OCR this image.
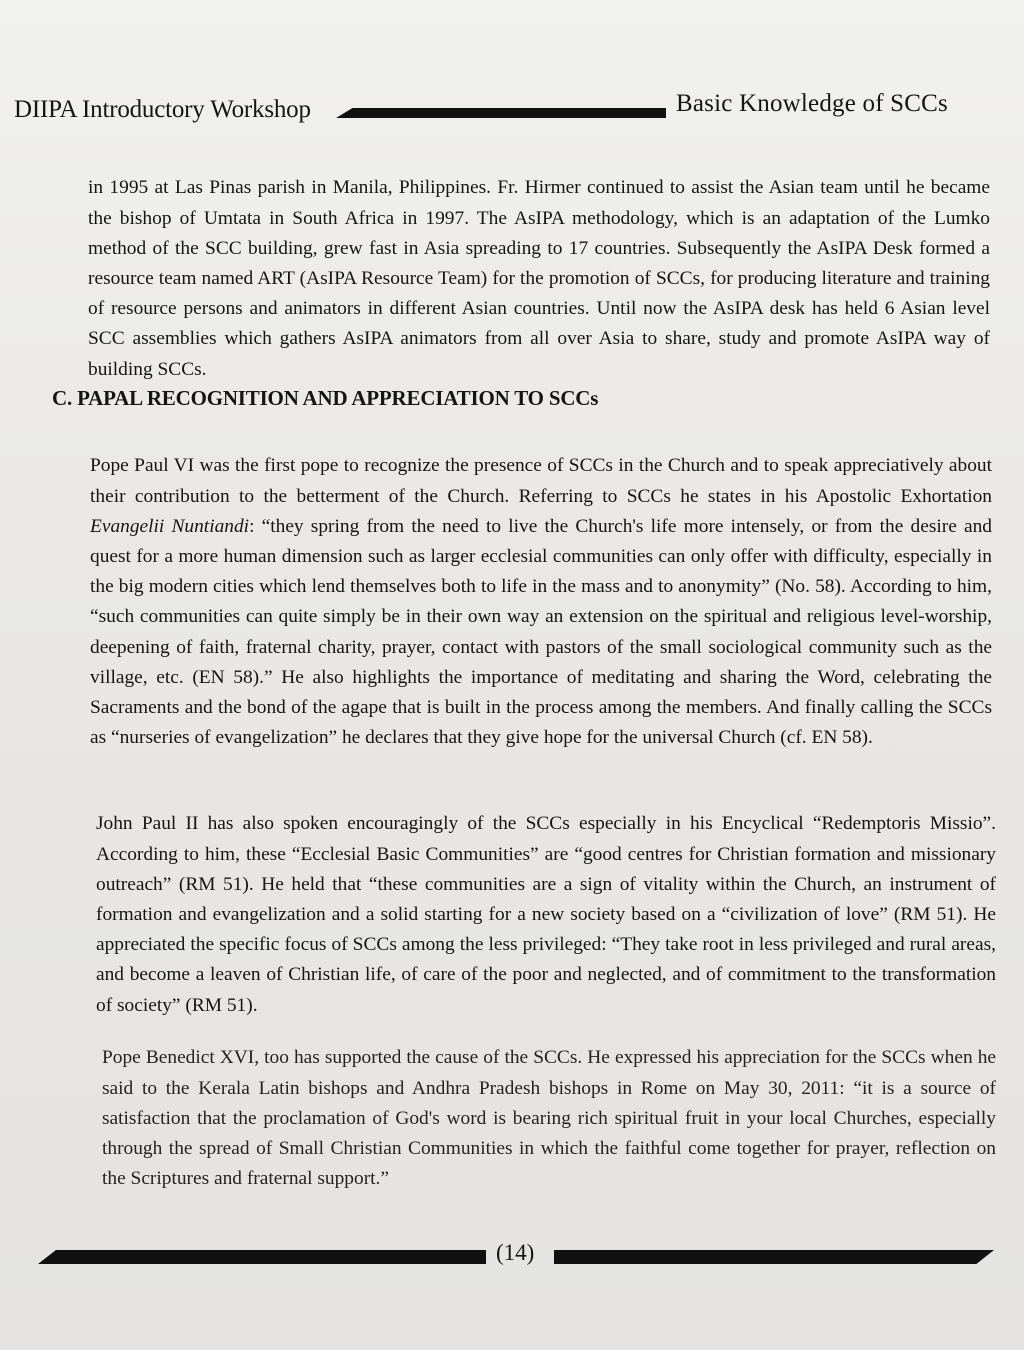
DIIPA Introductory Workshop	Basic Knowledge of SCCs

in 1995 at Las Pinas parish in Manila, Philippines. Fr. Hirmer continued to assist the Asian team until he became the bishop of Umtata in South Africa in 1997. The AsIPA methodology, which is an adaptation of the Lumko method of the SCC building, grew fast in Asia spreading to 17 countries. Subsequently the AsIPA Desk formed a resource team named ART (AsIPA Resource Team) for the promotion of SCCs, for producing literature and training of resource persons and animators in different Asian countries. Until now the AsIPA desk has held 6 Asian level SCC assemblies which gathers AsIPA animators from all over Asia to share, study and promote AsIPA way of building SCCs.

C. PAPAL RECOGNITION AND APPRECIATION TO SCCs

Pope Paul VI was the first pope to recognize the presence of SCCs in the Church and to speak appreciatively about their contribution to the betterment of the Church. Referring to SCCs he states in his Apostolic Exhortation Evangelii Nuntiandi: “they spring from the need to live the Church's life more intensely, or from the desire and quest for a more human dimension such as larger ecclesial communities can only offer with difficulty, especially in the big modern cities which lend themselves both to life in the mass and to anonymity” (No. 58). According to him, “such communities can quite simply be in their own way an extension on the spiritual and religious level-worship, deepening of faith, fraternal charity, prayer, contact with pastors of the small sociological community such as the village, etc. (EN 58).” He also highlights the importance of meditating and sharing the Word, celebrating the Sacraments and the bond of the agape that is built in the process among the members. And finally calling the SCCs as “nurseries of evangelization” he declares that they give hope for the universal Church (cf. EN 58).

John Paul II has also spoken encouragingly of the SCCs especially in his Encyclical “Redemptoris Missio”. According to him, these “Ecclesial Basic Communities” are “good centres for Christian formation and missionary outreach” (RM 51). He held that “these communities are a sign of vitality within the Church, an instrument of formation and evangelization and a solid starting for a new society based on a “civilization of love” (RM 51). He appreciated the specific focus of SCCs among the less privileged: “They take root in less privileged and rural areas, and become a leaven of Christian life, of care of the poor and neglected, and of commitment to the transformation of society” (RM 51).

Pope Benedict XVI, too has supported the cause of the SCCs. He expressed his appreciation for the SCCs when he said to the Kerala Latin bishops and Andhra Pradesh bishops in Rome on May 30, 2011: “it is a source of satisfaction that the proclamation of God's word is bearing rich spiritual fruit in your local Churches, especially through the spread of Small Christian Communities in which the faithful come together for prayer, reflection on the Scriptures and fraternal support.”

(14)
